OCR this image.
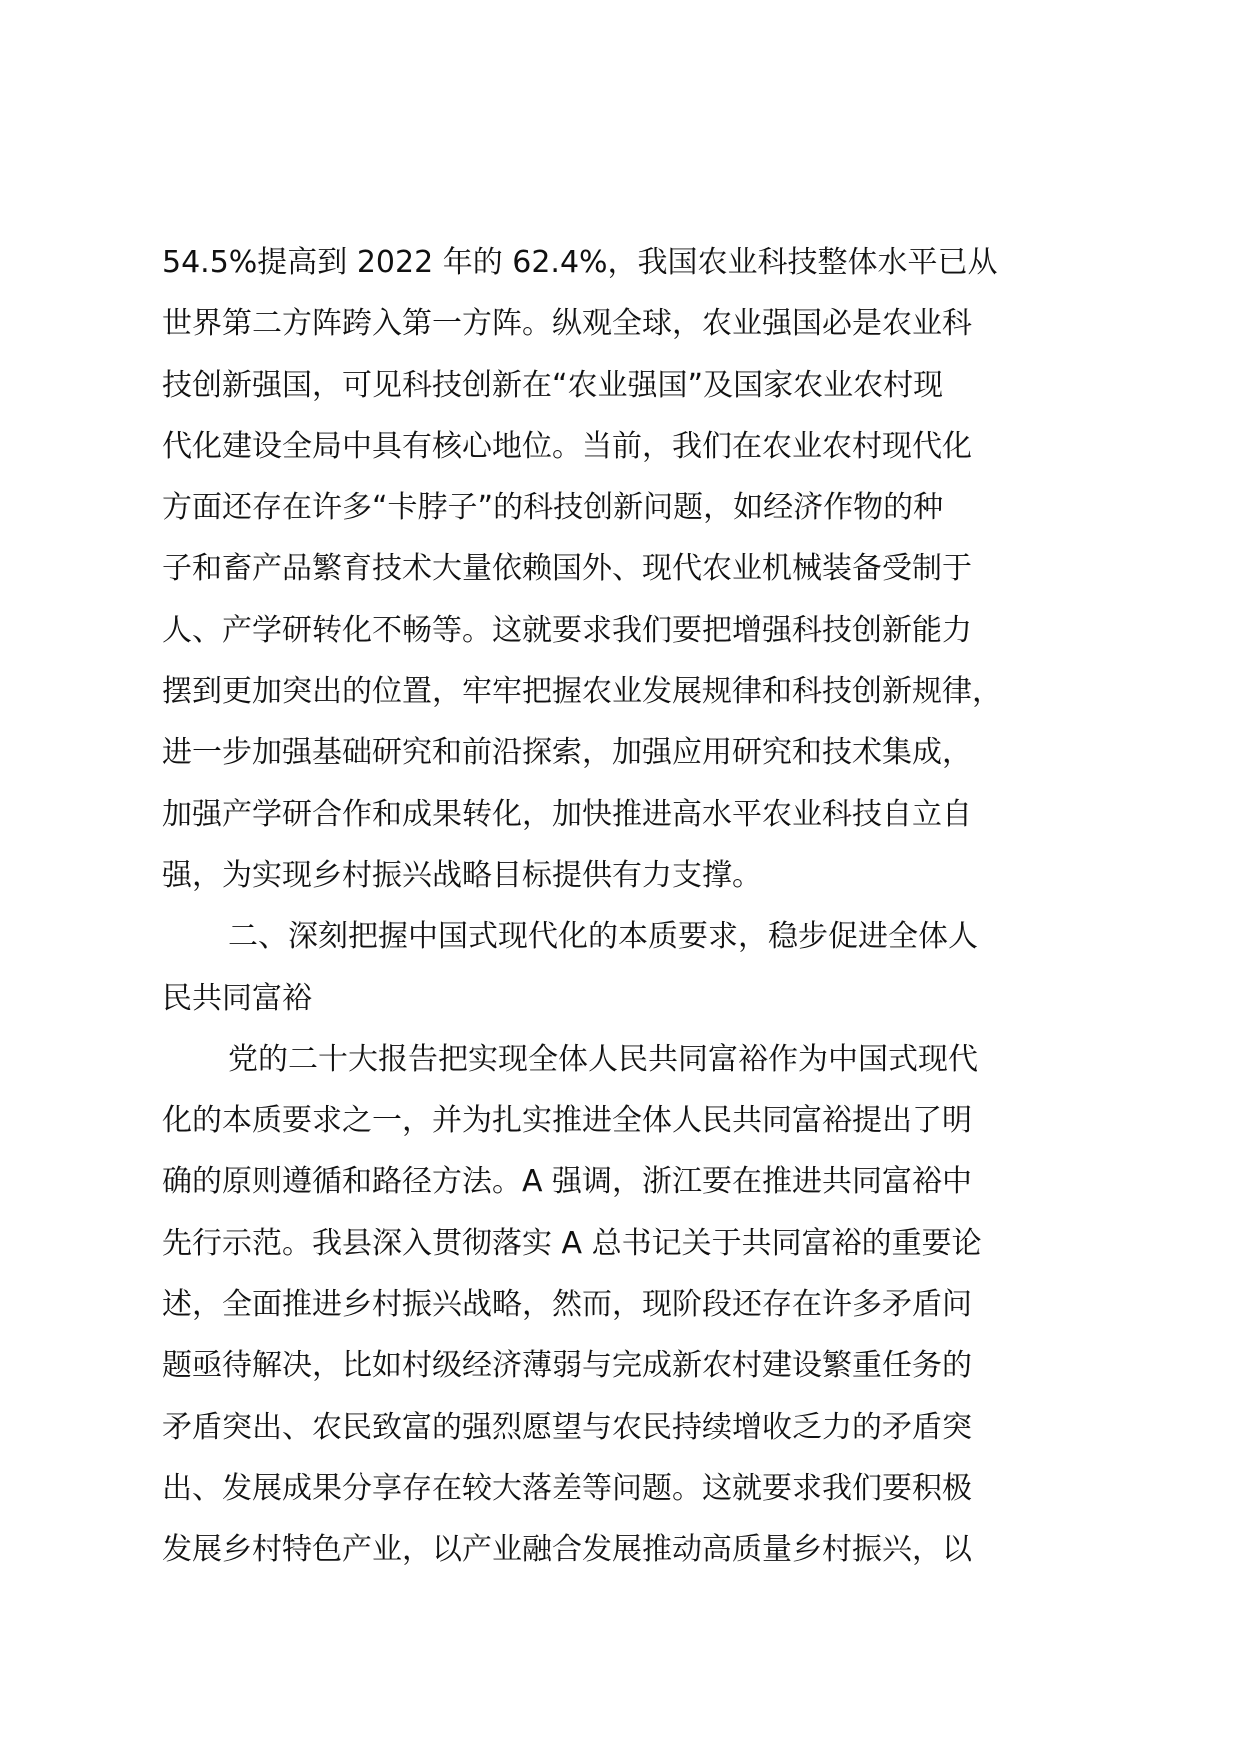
54.5%提高到 2022 年的 62.4%，我国农业科技整体水平已从
世界第二方阵跨入第一方阵。纵观全球，农业强国必是农业科
技创新强国，可见科技创新在“农业强国”及国家农业农村现
代化建设全局中具有核心地位。当前，我们在农业农村现代化
方面还存在许多“卡脖子”的科技创新问题，如经济作物的种
子和畜产品繁育技术大量依赖国外、现代农业机械装备受制于
人、产学研转化不畅等。这就要求我们要把增强科技创新能力
摆到更加突出的位置，牢牢把握农业发展规律和科技创新规律，
进一步加强基础研究和前沿探索，加强应用研究和技术集成，
加强产学研合作和成果转化，加快推进高水平农业科技自立自
强，为实现乡村振兴战略目标提供有力支撑。
二、深刻把握中国式现代化的本质要求，稳步促进全体人
民共同富裕
党的二十大报告把实现全体人民共同富裕作为中国式现代
化的本质要求之一，并为扎实推进全体人民共同富裕提出了明
确的原则遵循和路径方法。A 强调，浙江要在推进共同富裕中
先行示范。我县深入贯彻落实 A 总书记关于共同富裕的重要论
述，全面推进乡村振兴战略，然而，现阶段还存在许多矛盾问
题亟待解决，比如村级经济薄弱与完成新农村建设繁重任务的
矛盾突出、农民致富的强烈愿望与农民持续增收乏力的矛盾突
出、发展成果分享存在较大落差等问题。这就要求我们要积极
发展乡村特色产业，以产业融合发展推动高质量乡村振兴，以
